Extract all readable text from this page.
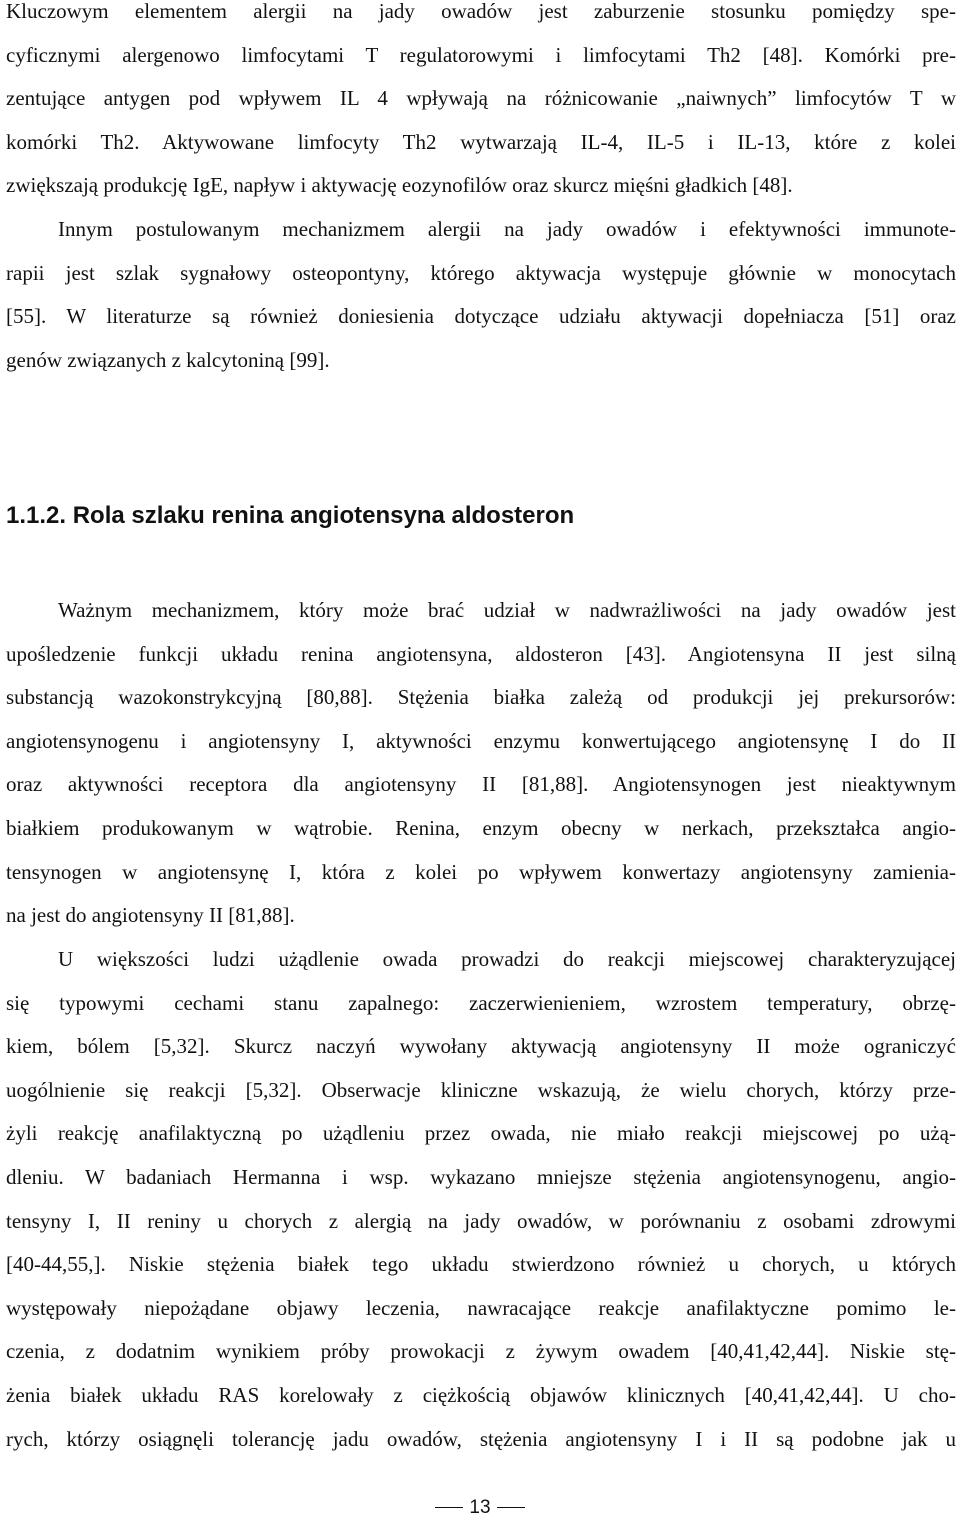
Kluczowym elementem alergii na jady owadów jest zaburzenie stosunku pomiędzy spe-
cyficznymi alergenowo limfocytami T regulatorowymi i limfocytami Th2 [48]. Komórki pre-
zentujące antygen pod wpływem IL 4 wpływają na różnicowanie „naiwnych” limfocytów T w
komórki Th2. Aktywowane limfocyty Th2 wytwarzają IL-4, IL-5 i IL-13, które z kolei
zwiększają produkcję IgE, napływ i aktywację eozynofilów oraz skurcz mięśni gładkich [48].
Innym postulowanym mechanizmem alergii na jady owadów i efektywności immunote-
rapii jest szlak sygnałowy osteopontyny, którego aktywacja występuje głównie w monocytach
[55]. W literaturze są również doniesienia dotyczące udziału aktywacji dopełniacza [51] oraz
genów związanych z kalcytoniną [99].
1.1.2. Rola szlaku renina angiotensyna aldosteron
Ważnym mechanizmem, który może brać udział w nadwrażliwości na jady owadów jest
upośledzenie funkcji układu renina angiotensyna, aldosteron [43]. Angiotensyna II jest silną
substancją wazokonstrykcyjną [80,88]. Stężenia białka zależą od produkcji jej prekursorów:
angiotensynogenu i angiotensyny I, aktywności enzymu konwertującego angiotensynę I do II
oraz aktywności receptora dla angiotensyny II [81,88]. Angiotensynogen jest nieaktywnym
białkiem produkowanym w wątrobie. Renina, enzym obecny w nerkach, przekształca angio-
tensynogen w angiotensynę I, która z kolei po wpływem konwertazy angiotensyny zamienia-
na jest do angiotensyny II [81,88].
U większości ludzi użądlenie owada prowadzi do reakcji miejscowej charakteryzującej
się typowymi cechami stanu zapalnego: zaczerwienieniem, wzrostem temperatury, obrzę-
kiem, bólem [5,32]. Skurcz naczyń wywołany aktywacją angiotensyny II może ograniczyć
uogólnienie się reakcji [5,32]. Obserwacje kliniczne wskazują, że wielu chorych, którzy prze-
żyli reakcję anafilaktyczną po użądleniu przez owada, nie miało reakcji miejscowej po użą-
dleniu. W badaniach Hermanna i wsp. wykazano mniejsze stężenia angiotensynogenu, angio-
tensyny I, II reniny u chorych z alergią na jady owadów, w porównaniu z osobami zdrowymi
[40-44,55,]. Niskie stężenia białek tego układu stwierdzono również u chorych, u których
występowały niepożądane objawy leczenia, nawracające reakcje anafilaktyczne pomimo le-
czenia, z dodatnim wynikiem próby prowokacji z żywym owadem [40,41,42,44]. Niskie stę-
żenia białek układu RAS korelowały z ciężkością objawów klinicznych [40,41,42,44]. U cho-
rych, którzy osiągnęli tolerancję jadu owadów, stężenia angiotensyny I i II są podobne jak u
13
